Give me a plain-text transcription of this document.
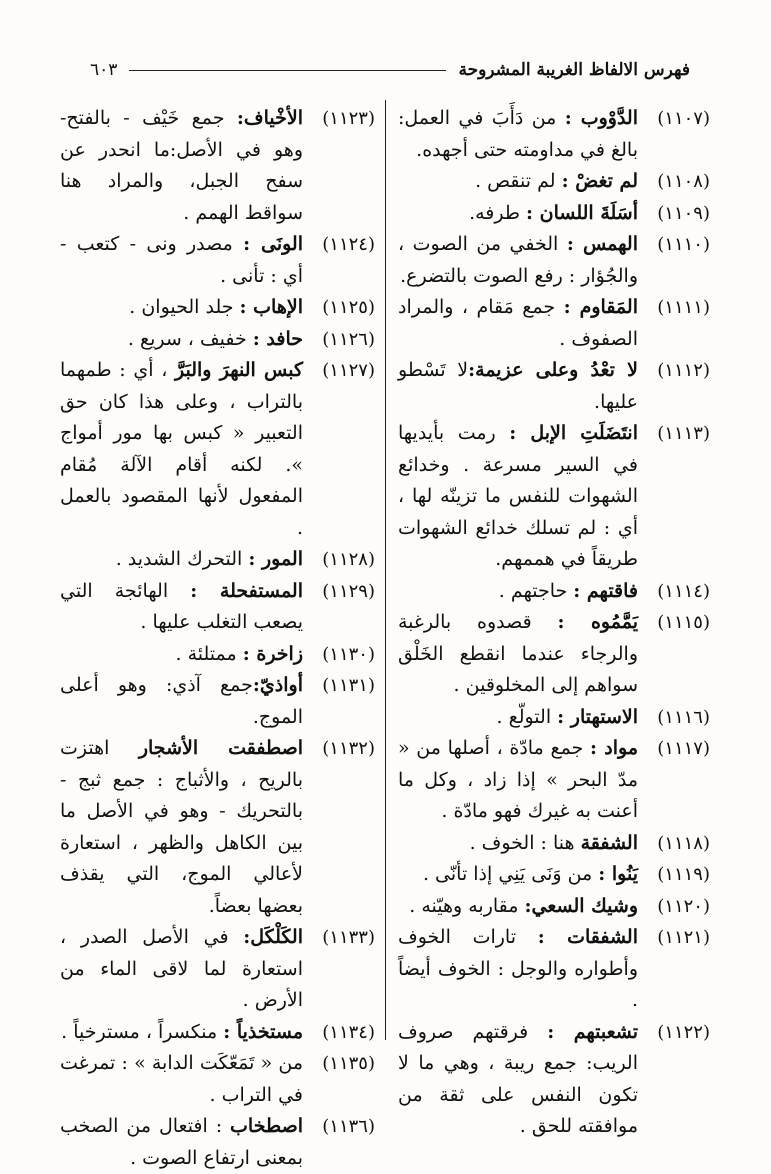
فهرس الالفاظ الغريبة المشروحة
٦٠٣
(١١٠٧)
الدَّوْوب : من دَأَبَ في العمل: بالغ في مداومته حتى أجهده.
(١١٠٨)
لم تغضْ : لم تنقص .
(١١٠٩)
أسَلَةَ اللسان : طرفه.
(١١١٠)
الهمس : الخفي من الصوت ، والجُؤار : رفع الصوت بالتضرع.
(١١١١)
المَقاوم : جمع مَقام ، والمراد الصفوف .
(١١١٢)
لا تعْدُ وعلى عزيمة:لا تَسْطو عليها.
(١١١٣)
انتَضَلَتِ الإبل : رمت بأيديها في السير مسرعة . وخدائع الشهوات للنفس ما تزينّه لها ، أي : لم تسلك خدائع الشهوات طريقاً في هممهم.
(١١١٤)
فاقتهم : حاجتهم .
(١١١٥)
يَمَّمُوه : قصدوه بالرغبة والرجاء عندما انقطع الخَلْق سواهم إلى المخلوقين .
(١١١٦)
الاستهتار : التولّع .
(١١١٧)
مواد : جمع مادّة ، أصلها من « مدّ البحر » إذا زاد ، وكل ما أعنت به غيرك فهو مادّة .
(١١١٨)
الشفقة هنا : الخوف .
(١١١٩)
يَنُوا : من وَنَى يَنِي إذا تأنّى .
(١١٢٠)
وشيك السعي: مقاربه وهيّنه .
(١١٢١)
الشفقات : تارات الخوف وأطواره والوجل : الخوف أيضاً .
(١١٢٢)
تشعبتهم : فرقتهم صروف الريب: جمع ريبة ، وهي ما لا تكون النفس على ثقة من موافقته للحق .
(١١٢٣)
الأخْياف: جمع خَيْف - بالفتح- وهو في الأصل:ما انحدر عن سفح الجبل، والمراد هنا سواقط الهمم .
(١١٢٤)
الونَى : مصدر ونى - كتعب - أي : تأنى .
(١١٢٥)
الإهاب : جلد الحيوان .
(١١٢٦)
حافد : خفيف ، سريع .
(١١٢٧)
كبس النهرَ والبَرَّ ، أي : طمهما بالتراب ، وعلى هذا كان حق التعبير « كبس بها مور أمواج ». لكنه أقام الآلة مُقام المفعول لأنها المقصود بالعمل .
(١١٢٨)
المور : التحرك الشديد .
(١١٢٩)
المستفحلة : الهائجة التي يصعب التغلب عليها .
(١١٣٠)
زاخرة : ممتلئة .
(١١٣١)
أواذيّ:جمع آذي: وهو أعلى الموج.
(١١٣٢)
اصطفقت الأشجار اهتزت بالريح ، والأثباج : جمع ثبج - بالتحريك - وهو في الأصل ما بين الكاهل والظهر ، استعارة لأعالي الموج، التي يقذف بعضها بعضاً.
(١١٣٣)
الكَلْكَل: في الأصل الصدر ، استعارة لما لاقى الماء من الأرض .
(١١٣٤)
مستخذياً : منكسراً ، مسترخياً .
(١١٣٥)
من « تَمَعّكَت الدابة » : تمرغت في التراب .
(١١٣٦)
اصطخاب : افتعال من الصخب بمعنى ارتفاع الصوت .
